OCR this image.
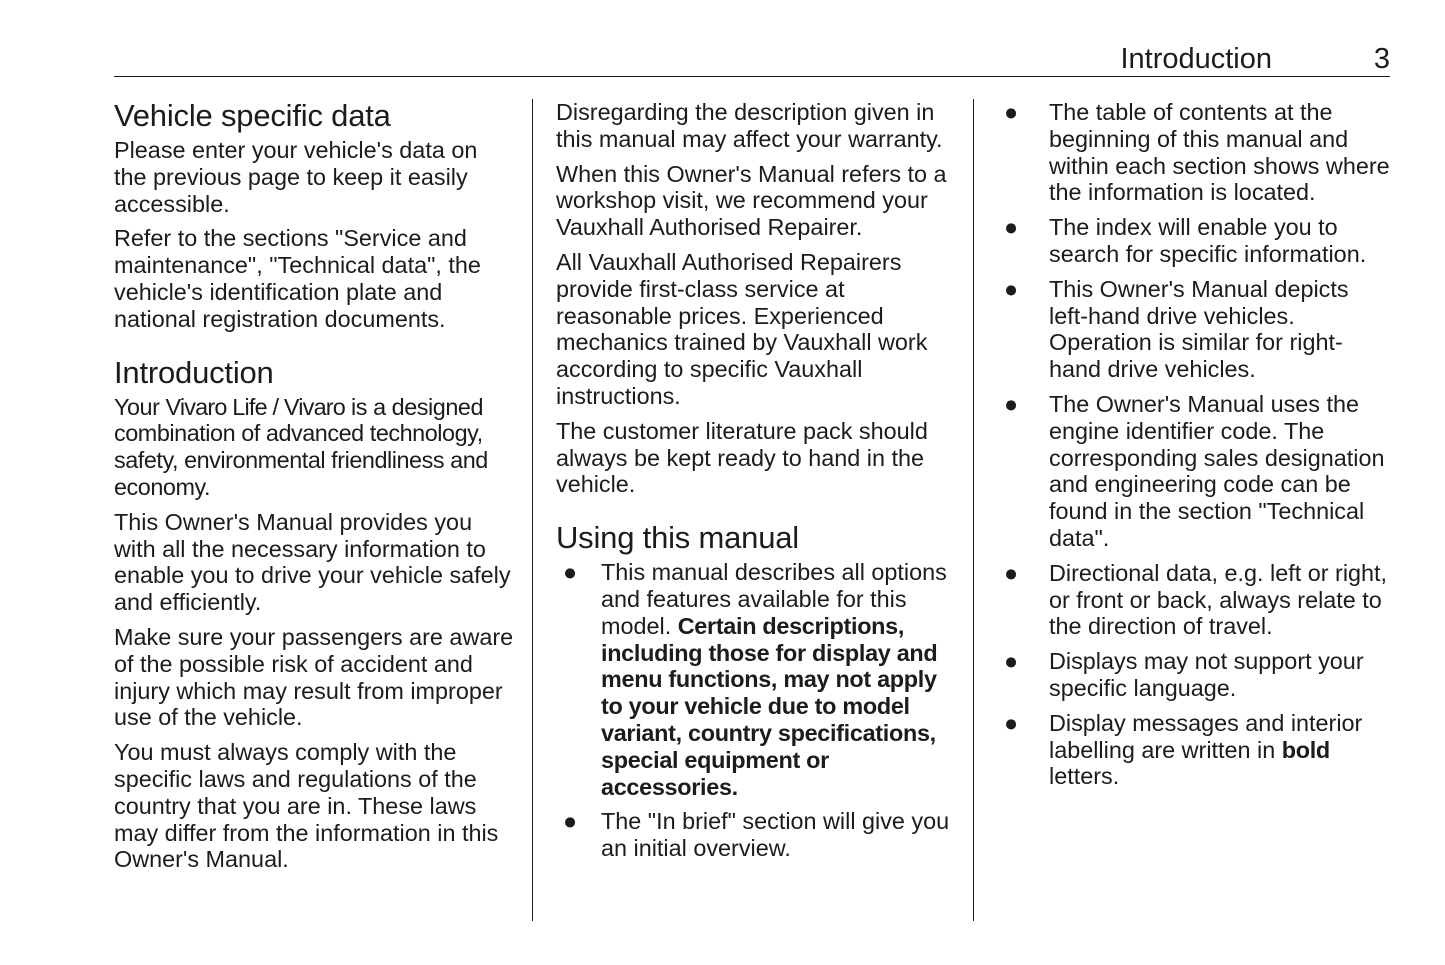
Introduction	3
Vehicle specific data

Please enter your vehicle's data on the previous page to keep it easily accessible.

Refer to the sections "Service and maintenance", "Technical data", the vehicle's identification plate and national registration documents.

Introduction

Your Vivaro Life / Vivaro is a designed combination of advanced technology, safety, environmental friendliness and economy.

This Owner's Manual provides you with all the necessary information to enable you to drive your vehicle safely and efficiently.

Make sure your passengers are aware of the possible risk of accident and injury which may result from improper use of the vehicle.

You must always comply with the specific laws and regulations of the country that you are in. These laws may differ from the information in this Owner's Manual.

Disregarding the description given in this manual may affect your warranty.

When this Owner's Manual refers to a workshop visit, we recommend your Vauxhall Authorised Repairer.

All Vauxhall Authorised Repairers provide first-class service at reasonable prices. Experienced mechanics trained by Vauxhall work according to specific Vauxhall instructions.

The customer literature pack should always be kept ready to hand in the vehicle.

Using this manual
● This manual describes all options and features available for this model. Certain descriptions, including those for display and menu functions, may not apply to your vehicle due to model variant, country specifications, special equipment or accessories.
● The "In brief" section will give you an initial overview.
● The table of contents at the beginning of this manual and within each section shows where the information is located.
● The index will enable you to search for specific information.
● This Owner's Manual depicts left-hand drive vehicles. Operation is similar for right-hand drive vehicles.
● The Owner's Manual uses the engine identifier code. The corresponding sales designation and engineering code can be found in the section "Technical data".
● Directional data, e.g. left or right, or front or back, always relate to the direction of travel.
● Displays may not support your specific language.
● Display messages and interior labelling are written in bold letters.
